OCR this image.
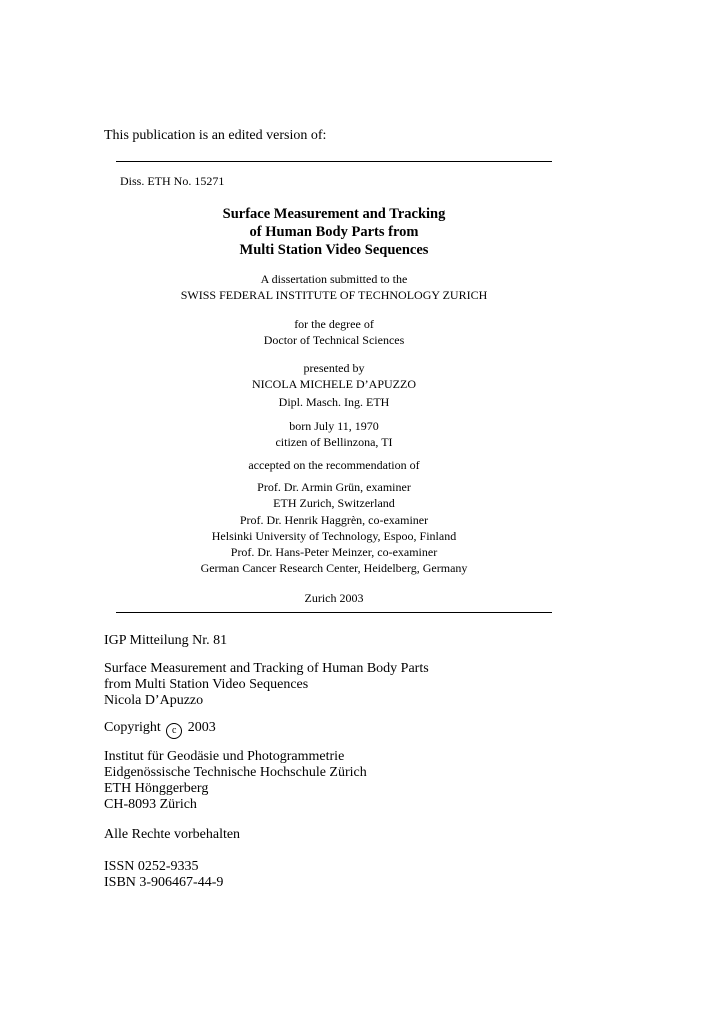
This publication is an edited version of:
Diss. ETH No. 15271
Surface Measurement and Tracking
of Human Body Parts from
Multi Station Video Sequences
A dissertation submitted to the
SWISS FEDERAL INSTITUTE OF TECHNOLOGY ZURICH
for the degree of
Doctor of Technical Sciences
presented by
NICOLA MICHELE D’APUZZO
Dipl. Masch. Ing. ETH
born July 11, 1970
citizen of Bellinzona, TI
accepted on the recommendation of
Prof. Dr. Armin Grün, examiner
ETH Zurich, Switzerland
Prof. Dr. Henrik Haggrèn, co-examiner
Helsinki University of Technology, Espoo, Finland
Prof. Dr. Hans-Peter Meinzer, co-examiner
German Cancer Research Center, Heidelberg, Germany
Zurich 2003
IGP Mitteilung Nr. 81
Surface Measurement and Tracking of Human Body Parts
from Multi Station Video Sequences
Nicola D’Apuzzo
Copyright c 2003
Institut für Geodäsie und Photogrammetrie
Eidgenössische Technische Hochschule Zürich
ETH Hönggerberg
CH-8093 Zürich
Alle Rechte vorbehalten
ISSN 0252-9335
ISBN 3-906467-44-9
